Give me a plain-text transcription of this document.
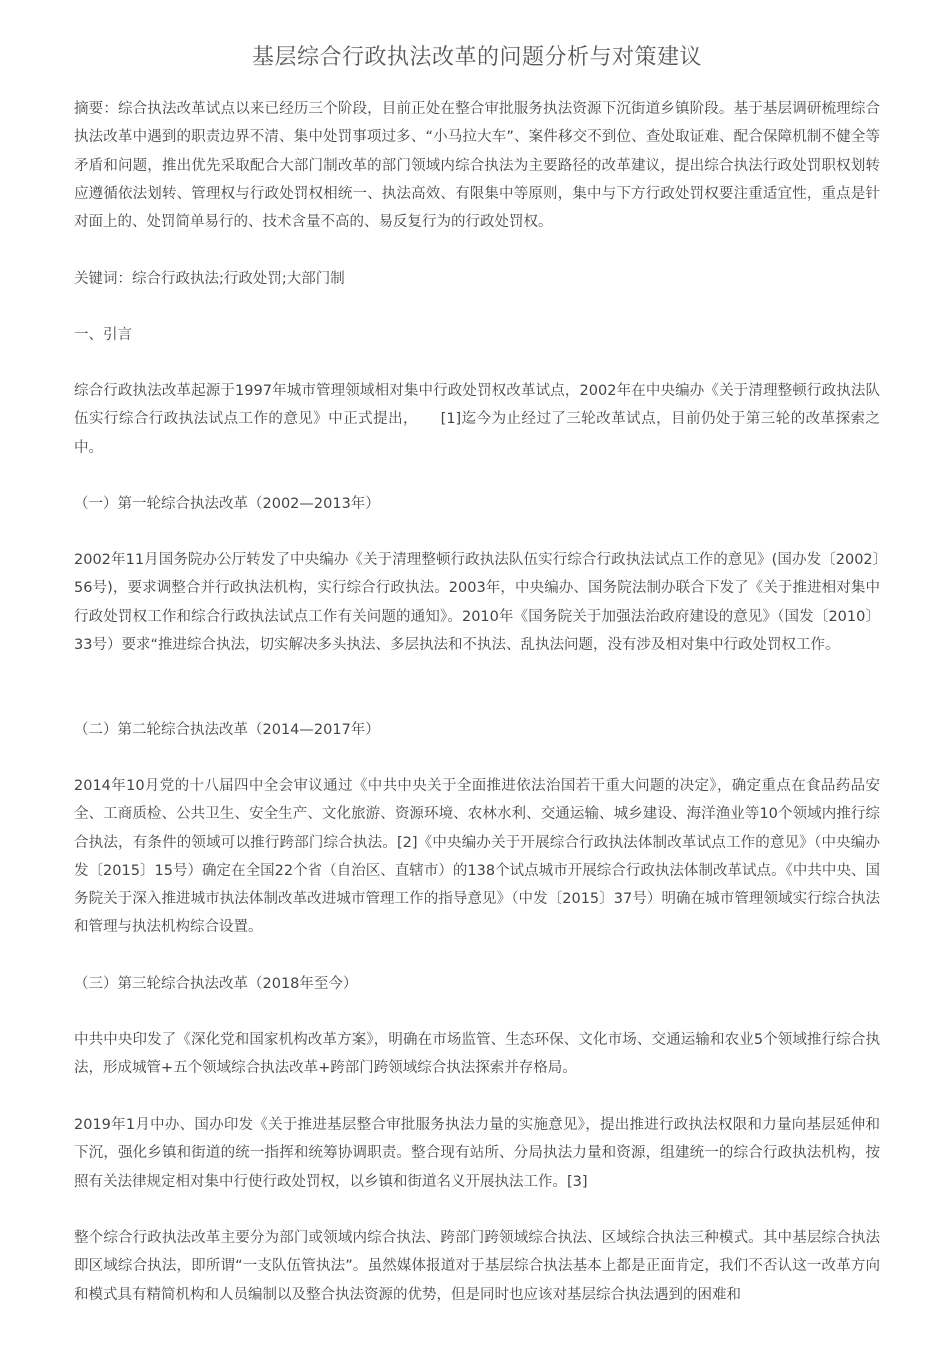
基层综合行政执法改革的问题分析与对策建议

摘要：综合执法改革试点以来已经历三个阶段，目前正处在整合审批服务执法资源下沉街道乡镇阶段。基于基层调研梳理综合执法改革中遇到的职责边界不清、集中处罚事项过多、“小马拉大车”、案件移交不到位、查处取证难、配合保障机制不健全等矛盾和问题，推出优先采取配合大部门制改革的部门领域内综合执法为主要路径的改革建议，提出综合执法行政处罚职权划转应遵循依法划转、管理权与行政处罚权相统一、执法高效、有限集中等原则，集中与下方行政处罚权要注重适宜性，重点是针对面上的、处罚简单易行的、技术含量不高的、易反复行为的行政处罚权。

关键词：综合行政执法;行政处罚;大部门制

一、引言

综合行政执法改革起源于1997年城市管理领域相对集中行政处罚权改革试点，2002年在中央编办《关于清理整顿行政执法队伍实行综合行政执法试点工作的意见》中正式提出，　　[1]迄今为止经过了三轮改革试点，目前仍处于第三轮的改革探索之中。

（一）第一轮综合执法改革（2002—2013年）

2002年11月国务院办公厅转发了中央编办《关于清理整顿行政执法队伍实行综合行政执法试点工作的意见》(国办发〔2002〕56号)，要求调整合并行政执法机构，实行综合行政执法。2003年，中央编办、国务院法制办联合下发了《关于推进相对集中行政处罚权工作和综合行政执法试点工作有关问题的通知》。2010年《国务院关于加强法治政府建设的意见》（国发〔2010〕33号）要求“推进综合执法，切实解决多头执法、多层执法和不执法、乱执法问题，没有涉及相对集中行政处罚权工作。

（二）第二轮综合执法改革（2014—2017年）

2014年10月党的十八届四中全会审议通过《中共中央关于全面推进依法治国若干重大问题的决定》，确定重点在食品药品安全、工商质检、公共卫生、安全生产、文化旅游、资源环境、农林水利、交通运输、城乡建设、海洋渔业等10个领域内推行综合执法，有条件的领域可以推行跨部门综合执法。[2]《中央编办关于开展综合行政执法体制改革试点工作的意见》（中央编办发〔2015〕15号）确定在全国22个省（自治区、直辖市）的138个试点城市开展综合行政执法体制改革试点。《中共中央、国务院关于深入推进城市执法体制改革改进城市管理工作的指导意见》（中发〔2015〕37号）明确在城市管理领域实行综合执法和管理与执法机构综合设置。

（三）第三轮综合执法改革（2018年至今）

中共中央印发了《深化党和国家机构改革方案》，明确在市场监管、生态环保、文化市场、交通运输和农业5个领域推行综合执法，形成城管+五个领域综合执法改革+跨部门跨领域综合执法探索并存格局。

2019年1月中办、国办印发《关于推进基层整合审批服务执法力量的实施意见》，提出推进行政执法权限和力量向基层延伸和下沉，强化乡镇和街道的统一指挥和统筹协调职责。整合现有站所、分局执法力量和资源，组建统一的综合行政执法机构，按照有关法律规定相对集中行使行政处罚权，以乡镇和街道名义开展执法工作。[3]

整个综合行政执法改革主要分为部门或领域内综合执法、跨部门跨领域综合执法、区域综合执法三种模式。其中基层综合执法即区域综合执法，即所谓“一支队伍管执法”。虽然媒体报道对于基层综合执法基本上都是正面肯定，我们不否认这一改革方向和模式具有精简机构和人员编制以及整合执法资源的优势，但是同时也应该对基层综合执法遇到的困难和
